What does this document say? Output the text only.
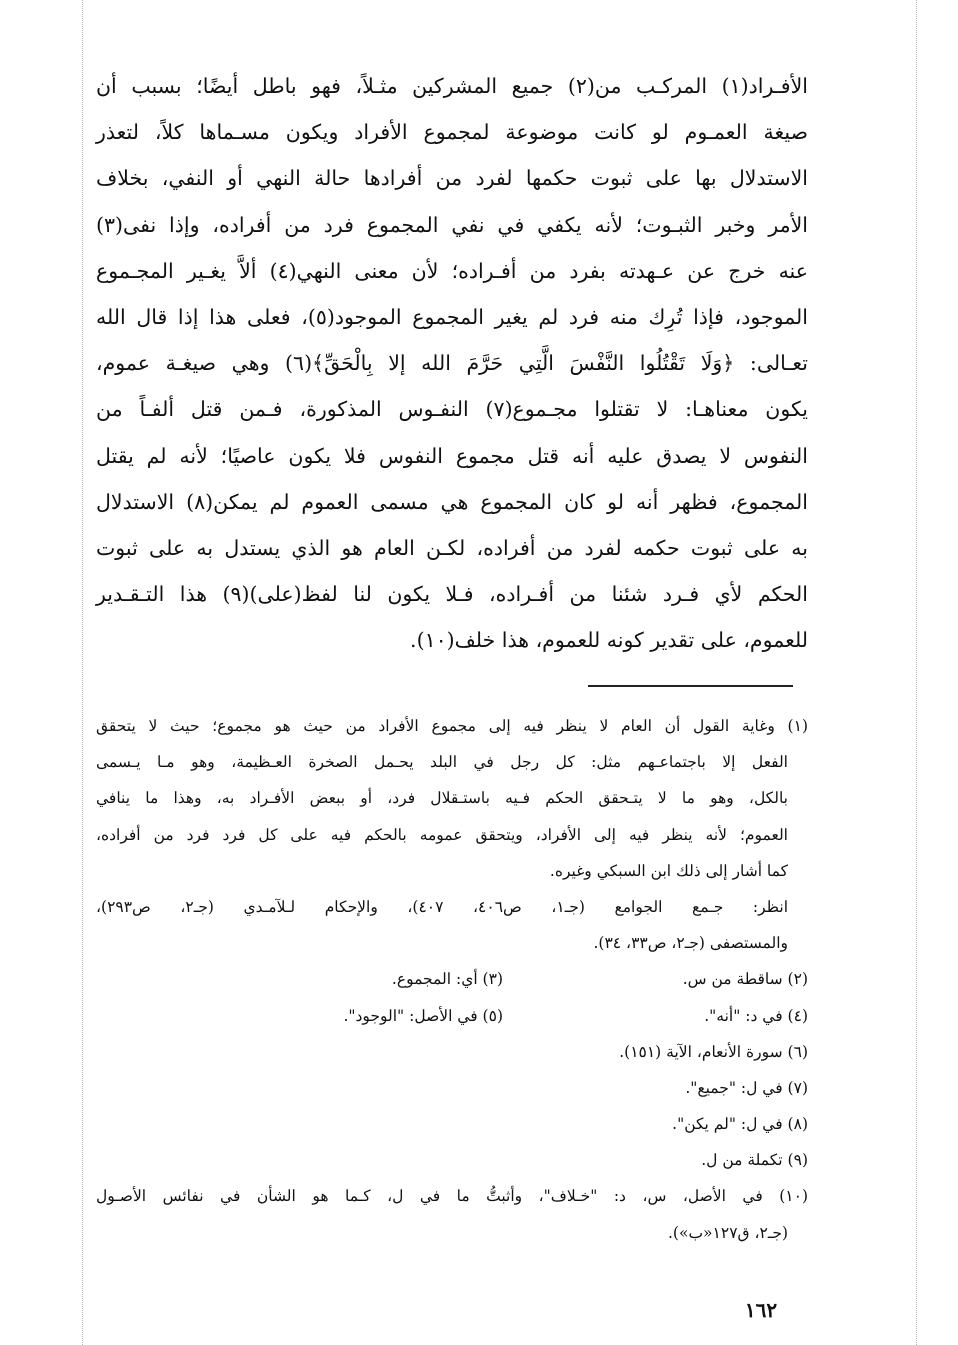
الأفـراد(١) المركـب من(٢) جميع المشركين مثـلاً، فهو باطل أيضًا؛ بسبب أن
صيغة العمـوم لو كانت موضوعة لمجموع الأفراد ويكون مسـماها كلاً، لتعذر
الاستدلال بها على ثبوت حكمها لفرد من أفرادها حالة النهي أو النفي، بخلاف
الأمر وخبر الثبـوت؛ لأنه يكفي في نفي المجموع فرد من أفراده، وإذا نفى(٣)
عنه خرج عن عـهدته بفرد من أفـراده؛ لأن معنى النهي(٤) ألاَّ يغـير المجـموع
الموجود، فإذا تُرِك منه فرد لم يغير المجموع الموجود(٥)، فعلى هذا إذا قال الله
تعـالى: ﴿وَلَا تَقْتُلُوا النَّفْسَ الَّتِي حَرَّمَ الله إلا بِالْحَقِّ﴾(٦) وهي صيغـة عموم،
يكون معناهـا: لا تقتلوا مجـموع(٧) النفـوس المذكورة، فـمن قتل ألفـاً من
النفوس لا يصدق عليه أنه قتل مجموع النفوس فلا يكون عاصيًا؛ لأنه لم يقتل
المجموع، فظهر أنه لو كان المجموع هي مسمى العموم لم يمكن(٨) الاستدلال
به على ثبوت حكمه لفرد من أفراده، لكـن العام هو الذي يستدل به على ثبوت
الحكم لأي فـرد شئنا من أفـراده، فـلا يكون لنا لفظ(على)(٩) هذا التـقـدير
للعموم، على تقدير كونه للعموم، هذا خلف(١٠).
(١) وغاية القول أن العام لا ينظر فيه إلى مجموع الأفراد من حيث هو مجموع؛ حيث لا يتحقق
الفعل إلا باجتماعـهم مثل: كل رجل في البلد يحـمل الصخرة العـظيمة، وهو مـا يـسمى
بالكل، وهو ما لا يتـحقق الحكم فـيه باستـقلال فرد، أو ببعض الأفـراد به، وهذا ما ينافي
العموم؛ لأنه ينظر فيه إلى الأفراد، ويتحقق عمومه بالحكم فيه على كل فرد فرد من أفراده،
كما أشار إلى ذلك ابن السبكي وغيره.
انظر: جـمع الجوامع (جـ١، ص٤٠٦، ٤٠٧)، والإحكام لـلآمـدي (جـ٢، ص٢٩٣)،
والمستصفى (جـ٢، ص٣٣، ٣٤).
(٢) ساقطة من س.
(٣) أي: المجموع.
(٤) في د: "أنه".
(٥) في الأصل: "الوجود".
(٦) سورة الأنعام، الآية (١٥١).
(٧) في ل: "جميع".
(٨) في ل: "لم يكن".
(٩) تكملة من ل.
(١٠) في الأصل، س، د: "خـلاف"، وأثبتُّ ما في ل، كـما هو الشأن في نفائس الأصـول
(جـ٢، ق١٢٧«ب»).
١٦٢
